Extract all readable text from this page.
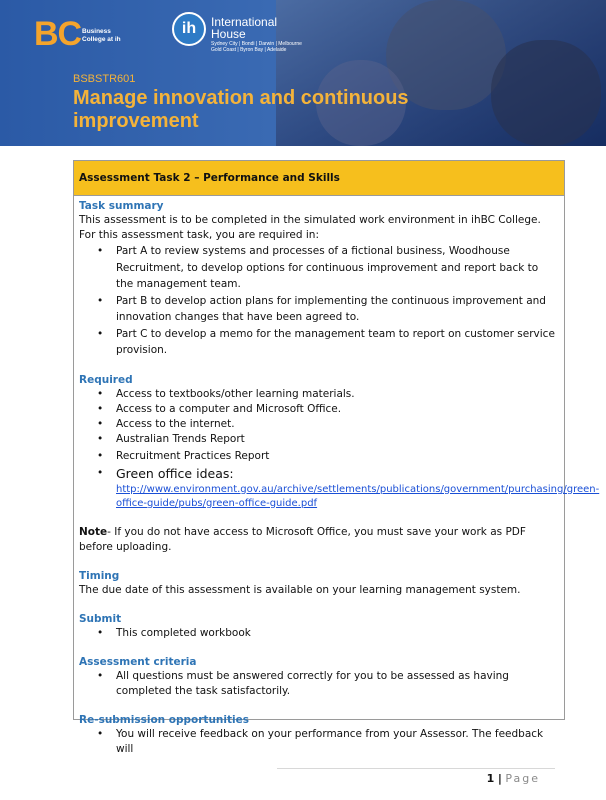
BC Business College at ih
ih	International
House
Sydney City | Bondi | Darwin | Melbourne Gold Coast | Byron Bay | Adelaide
BSBSTR601
Manage innovation and continuous improvement
Assessment Task 2 – Performance and Skills
Task summary

This assessment is to be completed in the simulated work environment in ihBC College.

For this assessment task, you are required in:

• Part A to review systems and processes of a fictional business, Woodhouse Recruitment, to develop options for continuous improvement and report back to the management team.
• Part B to develop action plans for implementing the continuous improvement and innovation changes that have been agreed to.
• Part C to develop a memo for the management team to report on customer service provision.
Required
• Access to textbooks/other learning materials.
• Access to a computer and Microsoft Office.
• Access to the internet.
• Australian Trends Report
• Recruitment Practices Report
• Green office ideas:
http://www.environment.gov.au/archive/settlements/publications/government/purchasing/green-office-guide/pubs/green-office-guide.pdf

Note- If you do not have access to Microsoft Office, you must save your work as PDF before uploading.

Timing

The due date of this assessment is available on your learning management system.

Submit
• This completed workbook
Assessment criteria
• All questions must be answered correctly for you to be assessed as having completed the task satisfactorily.
Re-submission opportunities
• You will receive feedback on your performance from your Assessor. The feedback will
1 | Page
